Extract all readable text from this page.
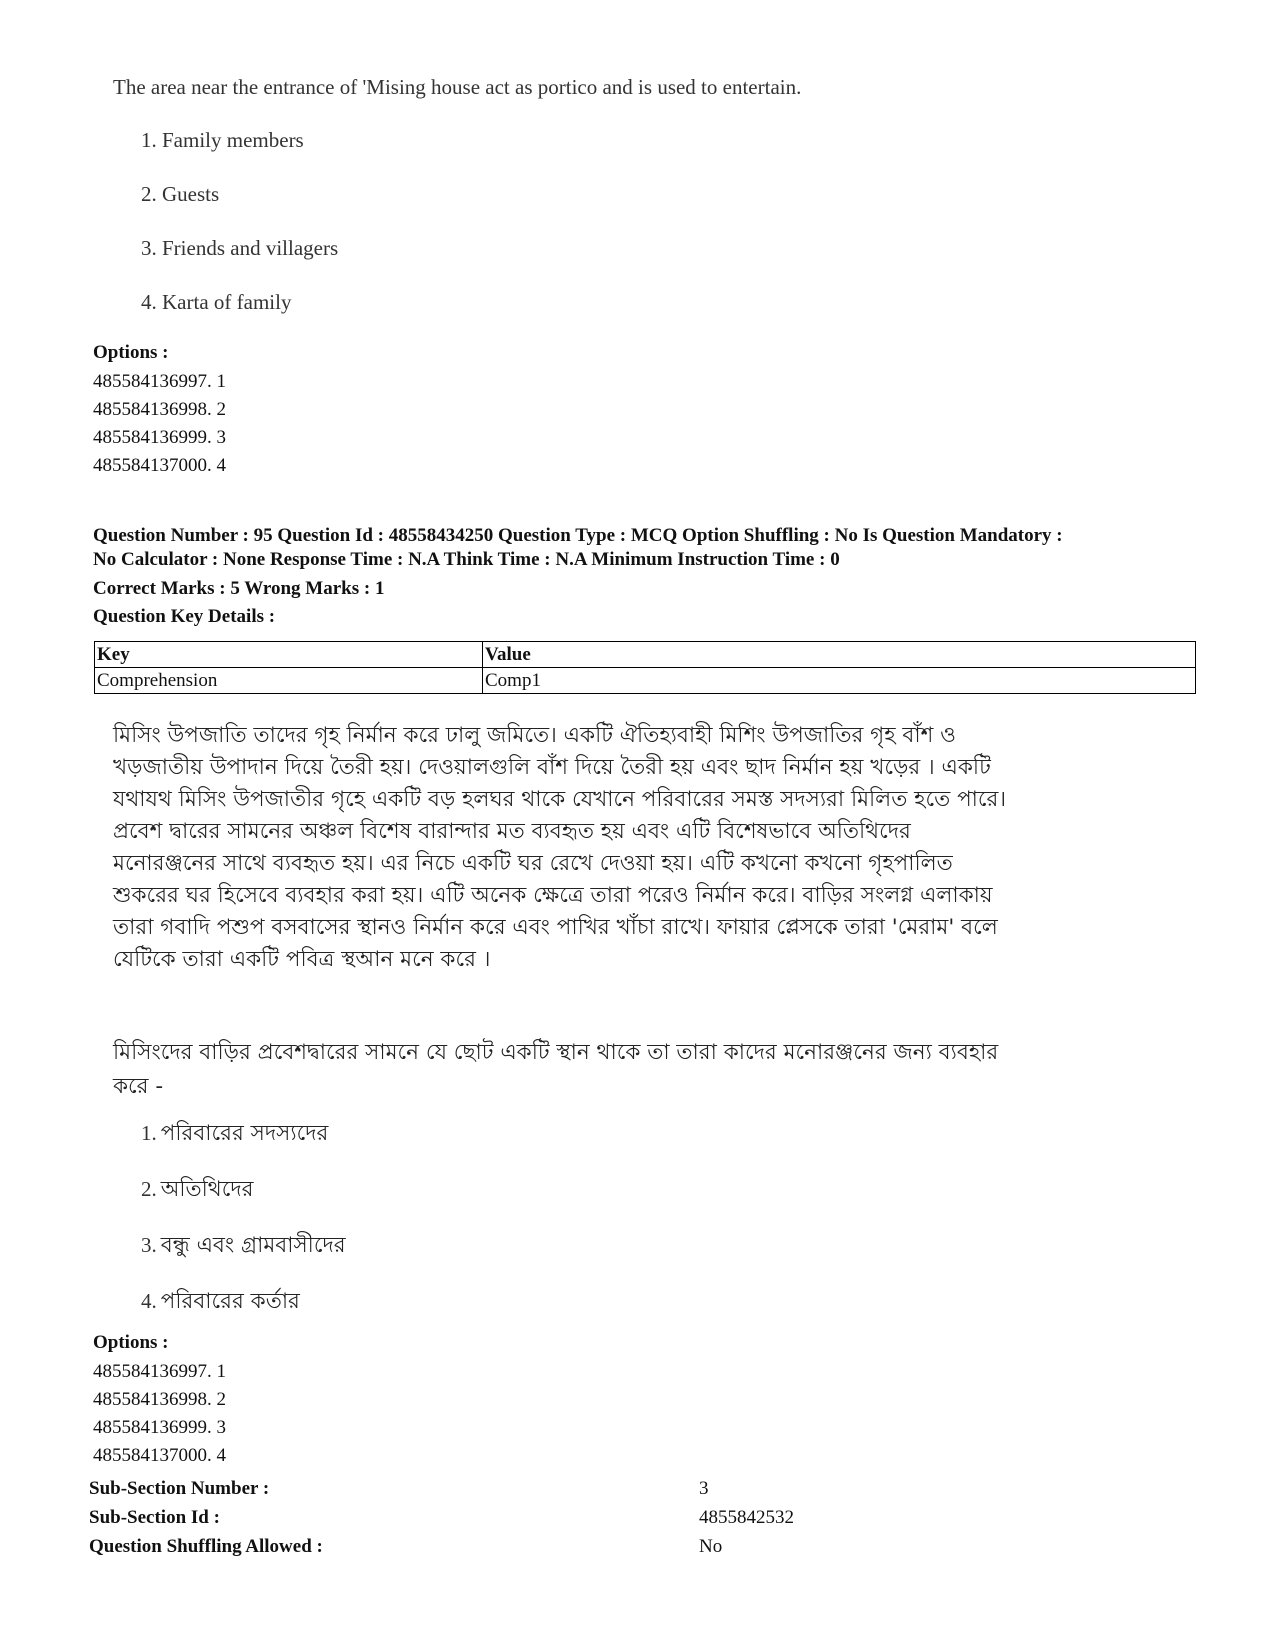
The area near the entrance of 'Mising house act as portico and is used to entertain.
1. Family members
2. Guests
3. Friends and villagers
4. Karta of family
Options :
485584136997. 1
485584136998. 2
485584136999. 3
485584137000. 4
Question Number : 95 Question Id : 48558434250 Question Type : MCQ Option Shuffling : No Is Question Mandatory :
No Calculator : None Response Time : N.A Think Time : N.A Minimum Instruction Time : 0
Correct Marks : 5 Wrong Marks : 1
Question Key Details :
Key	Value
Comprehension	Comp1
মিসিং উপজাতি তাদের গৃহ নির্মান করে ঢালু জমিতে। একটি ঐতিহ্যবাহী মিশিং উপজাতির গৃহ বাঁশ ও
খড়জাতীয় উপাদান দিয়ে তৈরী হয়। দেওয়ালগুলি বাঁশ দিয়ে তৈরী হয় এবং ছাদ নির্মান হয় খড়ের । একটি
যথাযথ মিসিং উপজাতীর গৃহে একটি বড় হলঘর থাকে যেখানে পরিবারের সমস্ত সদস্যরা মিলিত হতে পারে।
প্রবেশ দ্বারের সামনের অঞ্চল বিশেষ বারান্দার মত ব্যবহৃত হয় এবং এটি বিশেষভাবে অতিথিদের
মনোরঞ্জনের সাথে ব্যবহৃত হয়। এর নিচে একটি ঘর রেখে দেওয়া হয়। এটি কখনো কখনো গৃহপালিত
শুকরের ঘর হিসেবে ব্যবহার করা হয়। এটি অনেক ক্ষেত্রে তারা পরেও নির্মান করে। বাড়ির সংলগ্ন এলাকায়
তারা গবাদি পশুপ বসবাসের স্থানও নির্মান করে এবং পাখির খাঁচা রাখে। ফায়ার প্লেসকে তারা 'মেরাম' বলে
যেটিকে তারা একটি পবিত্র স্থআন মনে করে ।
মিসিংদের বাড়ির প্রবেশদ্বারের সামনে যে ছোট একটি স্থান থাকে তা তারা কাদের মনোরঞ্জনের জন্য ব্যবহার
করে -
1. পরিবারের সদস্যদের
2. অতিথিদের
3. বন্ধু এবং গ্রামবাসীদের
4. পরিবারের কর্তার
Options :
485584136997. 1
485584136998. 2
485584136999. 3
485584137000. 4
Sub-Section Number :	3
Sub-Section Id :	4855842532
Question Shuffling Allowed :	No
